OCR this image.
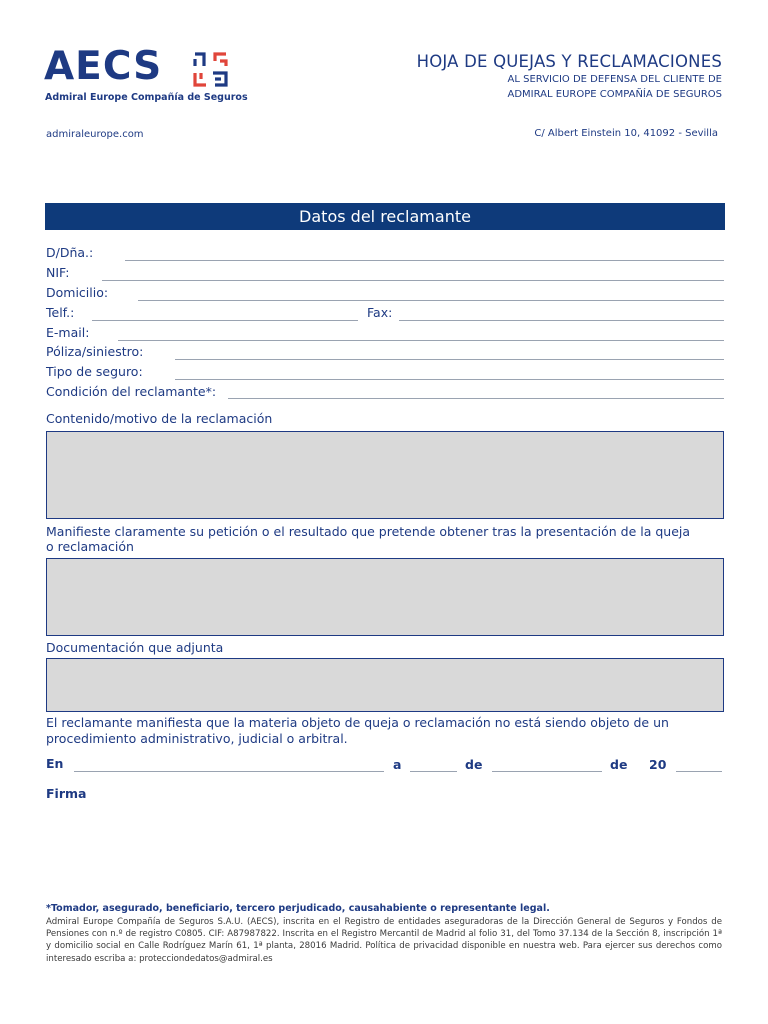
AECS
Admiral Europe Compañía de Seguros
HOJA DE QUEJAS Y RECLAMACIONES
AL SERVICIO DE DEFENSA DEL CLIENTE DE
ADMIRAL EUROPE COMPAÑÍA DE SEGUROS
admiraleurope.com	C/ Albert Einstein 10, 41092 - Sevilla
Datos del reclamante
D/Dña.:
NIF:
Domicilio:
Telf.:	Fax:
E-mail:
Póliza/siniestro:
Tipo de seguro:
Condición del reclamante*:
Contenido/motivo de la reclamación
Manifieste claramente su petición o el resultado que pretende obtener tras la presentación de la queja
o reclamación
Documentación que adjunta
El reclamante manifiesta que la materia objeto de queja o reclamación no está siendo objeto de un
procedimiento administrativo, judicial o arbitral.
En	a	de	de 20
Firma
*Tomador, asegurado, beneficiario, tercero perjudicado, causahabiente o representante legal.
Admiral Europe Compañía de Seguros S.A.U. (AECS), inscrita en el Registro de entidades aseguradoras de la Dirección General de Seguros y Fondos de Pensiones con n.º de registro C0805. CIF: A87987822. Inscrita en el Registro Mercantil de Madrid al folio 31, del Tomo 37.134 de la Sección 8, inscripción 1ª y domicilio social en Calle Rodríguez Marín 61, 1ª planta, 28016 Madrid. Política de privacidad disponible en nuestra web. Para ejercer sus derechos como interesado escriba a: protecciondedatos@admiral.es
